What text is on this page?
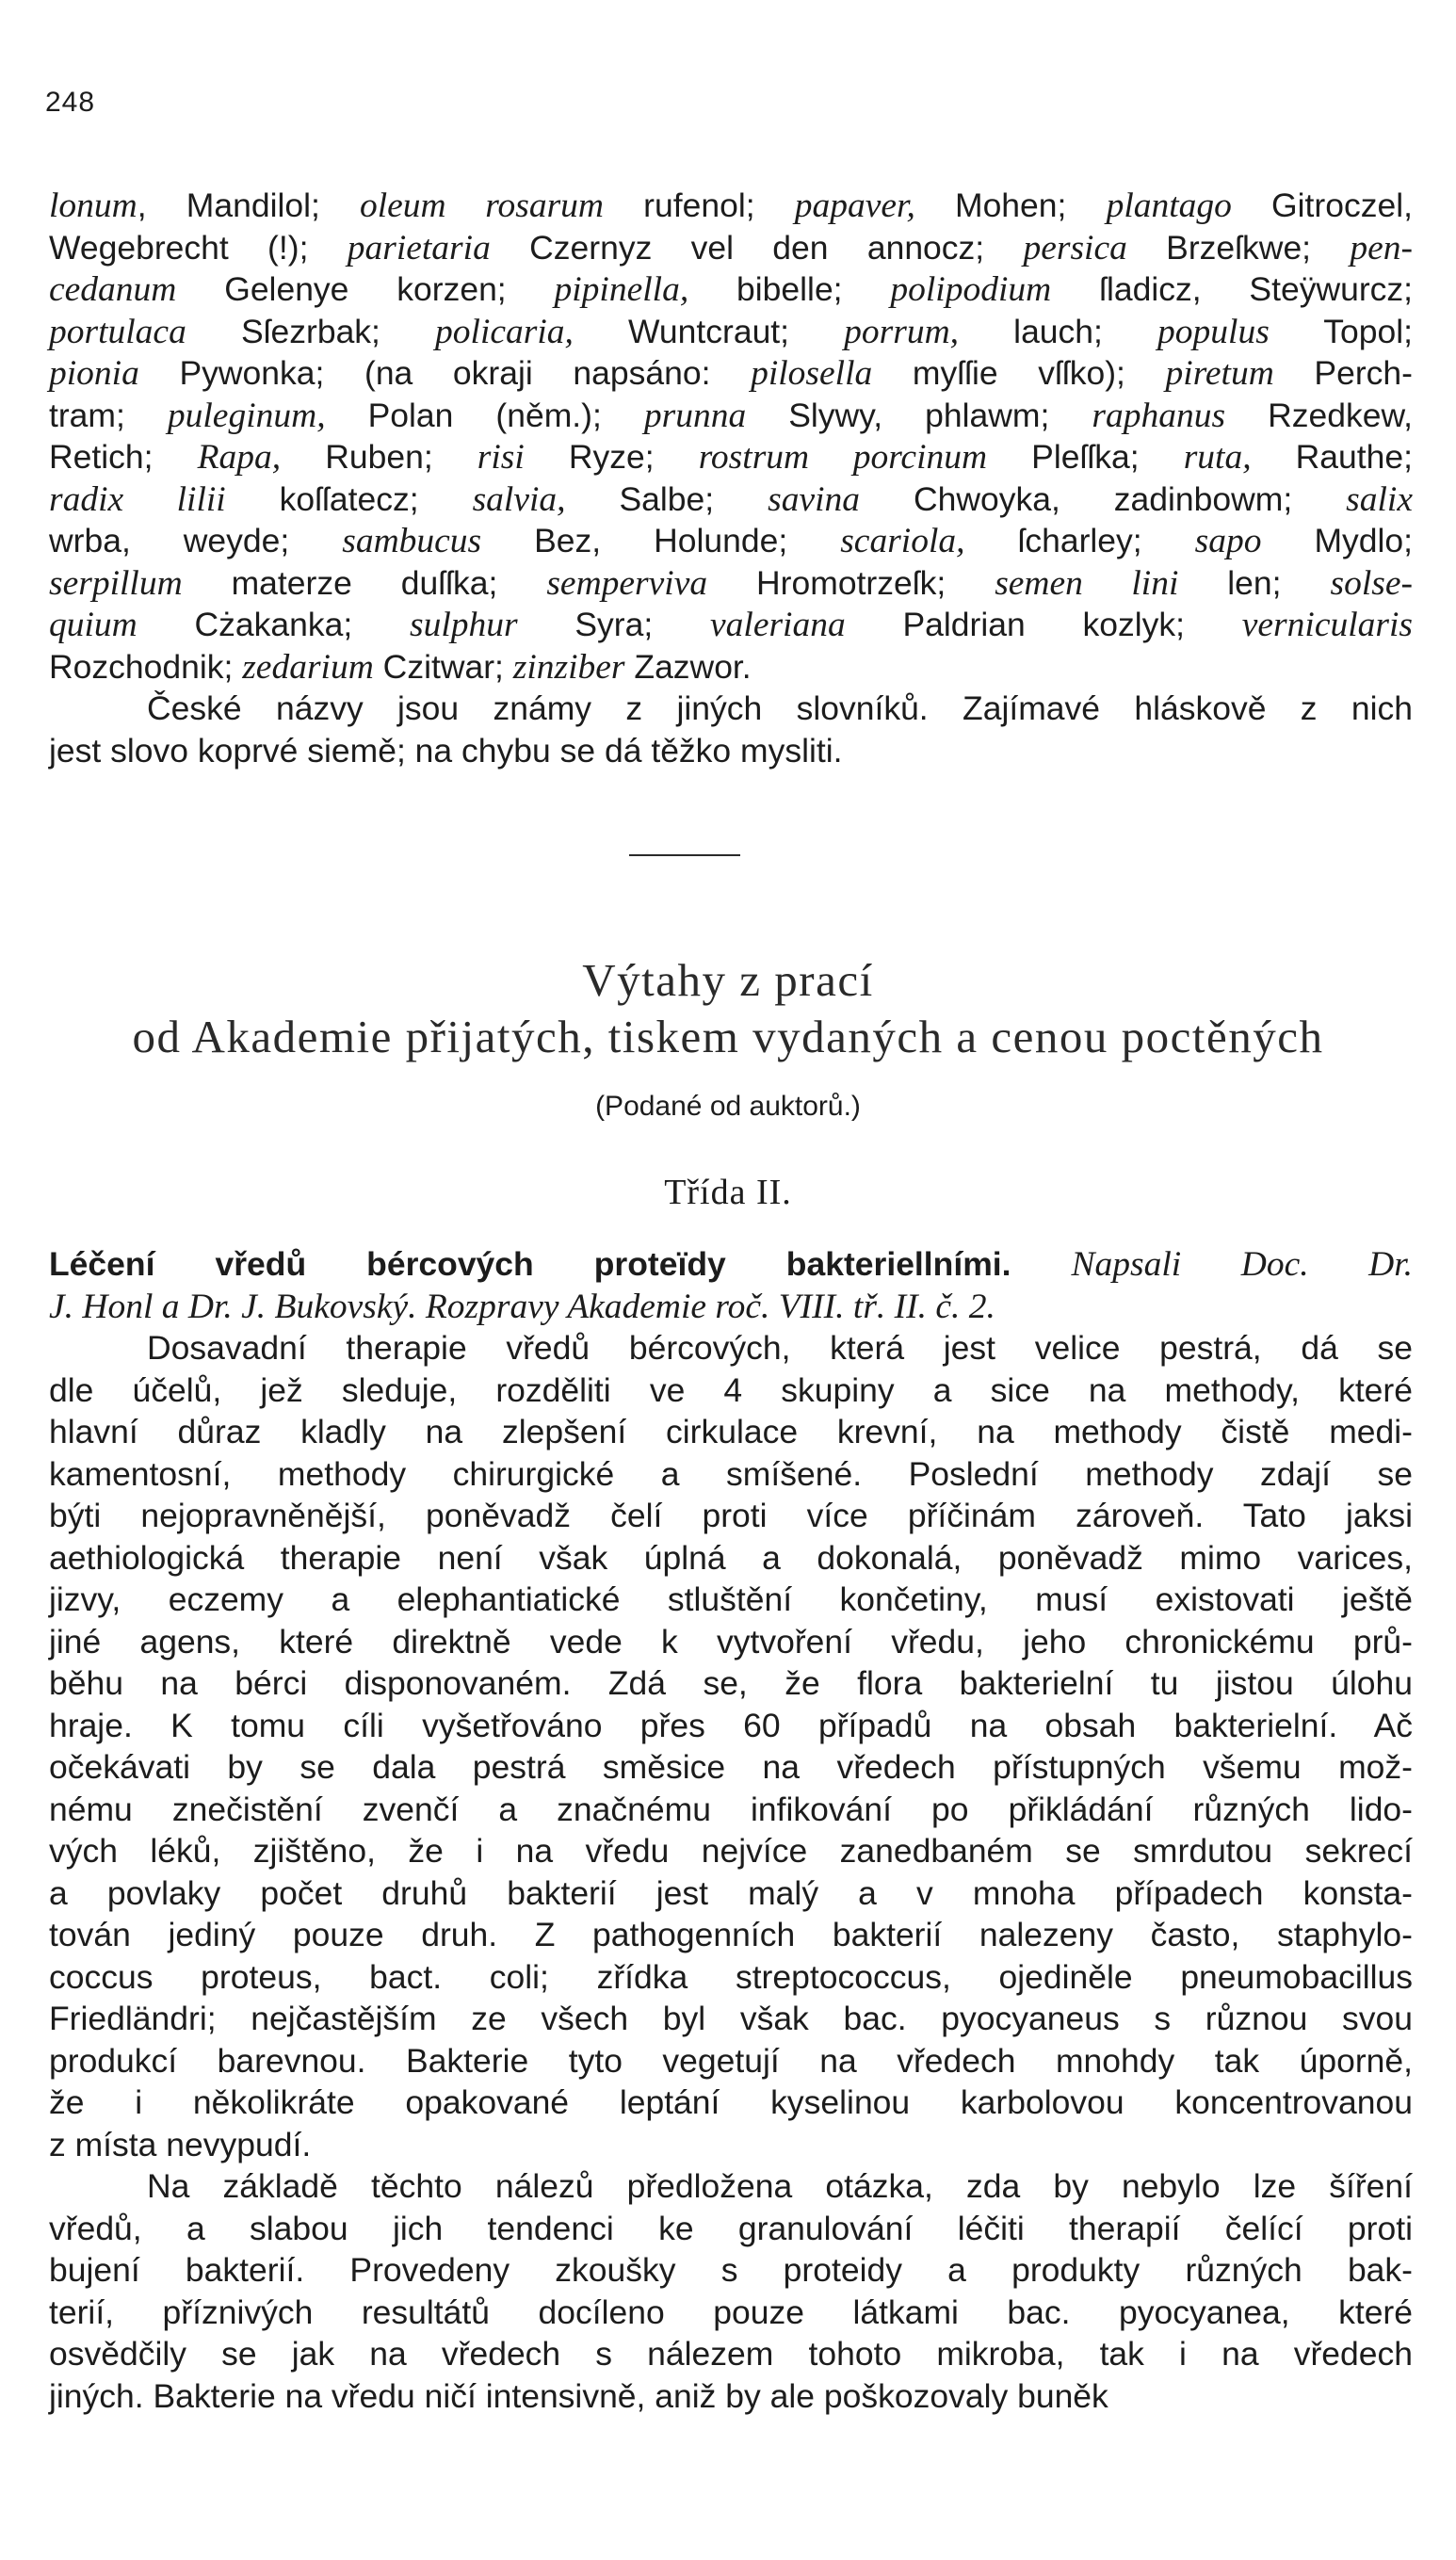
248
lonum, Mandilol; oleum rosarum rufenol; papaver, Mohen; plantago Gitroczel,
Wegebrecht (!); parietaria Czernyz vel den annocz; persica Brzeſkwe; pen-
cedanum Gelenye korzen; pipinella, bibelle; polipodium ſladicz, Steÿwurcz;
portulaca Sſezrbak; policaria, Wuntcraut; porrum, lauch; populus Topol;
pionia Pywonka; (na okraji napsáno: pilosella myſſie vſſko); piretum Perch-
tram; puleginum, Polan (něm.); prunna Slywy, phlawm; raphanus Rzedkew,
Retich; Rapa, Ruben; risi Ryze; rostrum porcinum Pleſſka; ruta, Rauthe;
radix lilii koſſatecz; salvia, Salbe; savina Chwoyka, zadinbowm; salix
wrba, weyde; sambucus Bez, Holunde; scariola, ſcharley; sapo Mydlo;
serpillum materze duſſka; semperviva Hromotrzeſk; semen lini len; solse-
quium Cżakanka; sulphur Syra; valeriana Paldrian kozlyk; vernicularis
Rozchodnik; zedarium Czitwar; zinziber Zazwor.
České názvy jsou známy z jiných slovníků. Zajímavé hláskově z nich
jest slovo koprvé siemě; na chybu se dá těžko mysliti.
Výtahy z prací
od Akademie přijatých, tiskem vydaných a cenou poctěných
(Podané od auktorů.)
Třída II.
Léčení vředů bércových proteïdy bakteriellními. Napsali Doc. Dr.
J. Honl a Dr. J. Bukovský. Rozpravy Akademie roč. VIII. tř. II. č. 2.
Dosavadní therapie vředů bércových, která jest velice pestrá, dá se
dle účelů, jež sleduje, rozděliti ve 4 skupiny a sice na methody, které
hlavní důraz kladly na zlepšení cirkulace krevní, na methody čistě medi-
kamentosní, methody chirurgické a smíšené. Poslední methody zdají se
býti nejopravněnější, poněvadž čelí proti více příčinám zároveň. Tato jaksi
aethiologická therapie není však úplná a dokonalá, poněvadž mimo varices,
jizvy, eczemy a elephantiatické stluštění končetiny, musí existovati ještě
jiné agens, které direktně vede k vytvoření vředu, jeho chronickému prů-
běhu na bérci disponovaném. Zdá se, že flora bakterielní tu jistou úlohu
hraje. K tomu cíli vyšetřováno přes 60 případů na obsah bakterielní. Ač
očekávati by se dala pestrá směsice na vředech přístupných všemu mož-
nému znečistění zvenčí a značnému infikování po přikládání různých lido-
vých léků, zjištěno, že i na vředu nejvíce zanedbaném se smrdutou sekrecí
a povlaky počet druhů bakterií jest malý a v mnoha případech konsta-
tován jediný pouze druh. Z pathogenních bakterií nalezeny často, staphylo-
coccus proteus, bact. coli; zřídka streptococcus, ojediněle pneumobacillus
Friedländri; nejčastějším ze všech byl však bac. pyocyaneus s různou svou
produkcí barevnou. Bakterie tyto vegetují na vředech mnohdy tak úporně,
že i několikráte opakované leptání kyselinou karbolovou koncentrovanou
z místa nevypudí.
Na základě těchto nálezů předložena otázka, zda by nebylo lze šíření
vředů, a slabou jich tendenci ke granulování léčiti therapií čelící proti
bujení bakterií. Provedeny zkoušky s proteidy a produkty různých bak-
terií, příznivých resultátů docíleno pouze látkami bac. pyocyanea, které
osvědčily se jak na vředech s nálezem tohoto mikroba, tak i na vředech
jiných. Bakterie na vředu ničí intensivně, aniž by ale poškozovaly buněk
